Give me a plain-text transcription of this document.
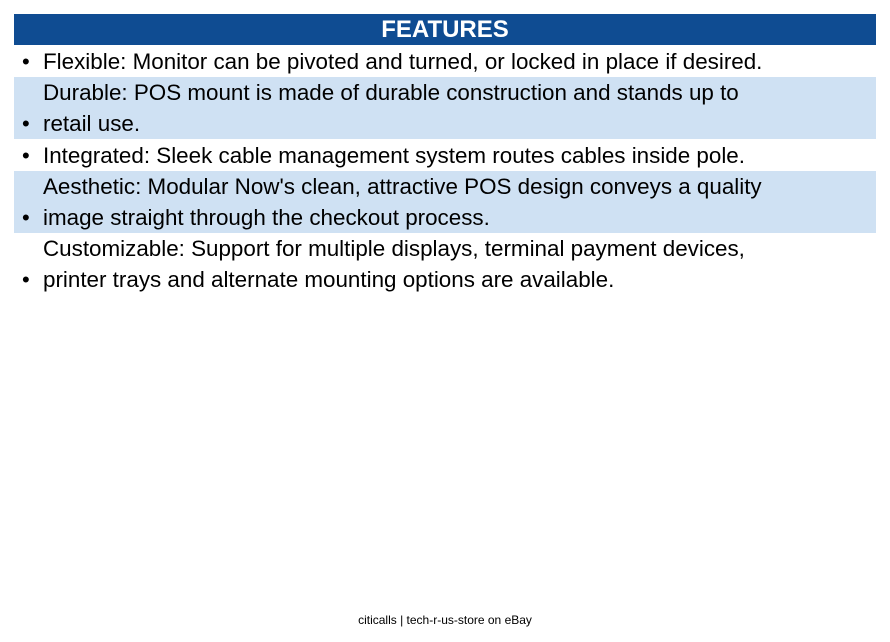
FEATURES
• Flexible: Monitor can be pivoted and turned, or locked in place if desired.
•
Durable: POS mount is made of durable construction and stands up to
retail use.
• Integrated: Sleek cable management system routes cables inside pole.
•
Aesthetic: Modular Now's clean, attractive POS design conveys a quality
image straight through the checkout process.
•
Customizable: Support for multiple displays, terminal payment devices,
printer trays and alternate mounting options are available.
citicalls | tech-r-us-store on eBay
